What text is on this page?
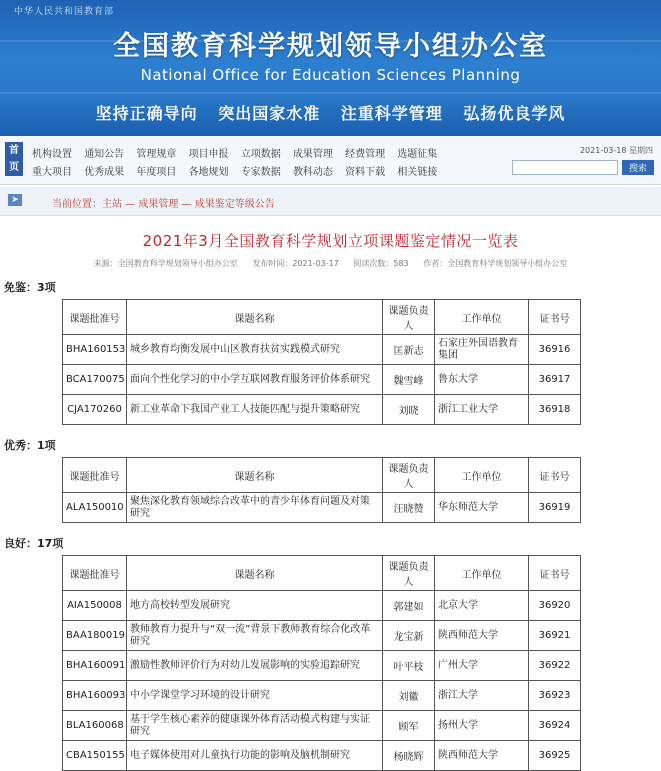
中华人民共和国教育部
全国教育科学规划领导小组办公室
National Office for Education Sciences Planning
坚持正确导向 突出国家水准 注重科学管理 弘扬优良学风
首
页
机构设置 通知公告 管理规章 项目申报 立项数据 成果管理 经费管理 选题征集
重大项目 优秀成果 年度项目 各地规划 专家数据 教科动态 资料下载 相关链接
2021-03-18 星期四
搜索
➤	当前位置：主站 — 成果管理 — 成果鉴定等级公告
2021年3月全国教育科学规划立项课题鉴定情况一览表
来源：全国教育科学规划领导小组办公室 发布时间：2021-03-17 阅读次数：583 作者：全国教育科学规划领导小组办公室
免鉴：3项
课题批准号	课题名称	课题负责人	工作单位	证书号
BHA160153	城乡教育均衡发展中山区教育扶贫实践模式研究	匡新志	石家庄外国语教育集团	36916
BCA170075	面向个性化学习的中小学互联网教育服务评价体系研究	魏雪峰	鲁东大学	36917
CJA170260	新工业革命下我国产业工人技能匹配与提升策略研究	刘晓	浙江工业大学	36918
优秀：1项
课题批准号	课题名称	课题负责人	工作单位	证书号
ALA150010	聚焦深化教育领域综合改革中的青少年体育问题及对策研究	汪晓赞	华东师范大学	36919
良好：17项
课题批准号	课题名称	课题负责人	工作单位	证书号
AIA150008	地方高校转型发展研究	郭建如	北京大学	36920
BAA180019	教师教育力提升与“双一流”背景下教师教育综合化改革研究	龙宝新	陕西师范大学	36921
BHA160091	激励性教师评价行为对幼儿发展影响的实验追踪研究	叶平枝	广州大学	36922
BHA160093	中小学课堂学习环境的设计研究	刘徽	浙江大学	36923
BLA160068	基于学生核心素养的健康课外体育活动模式构建与实证研究	顾军	扬州大学	36924
CBA150155	电子媒体使用对儿童执行功能的影响及脑机制研究	杨晓辉	陕西师范大学	36925
